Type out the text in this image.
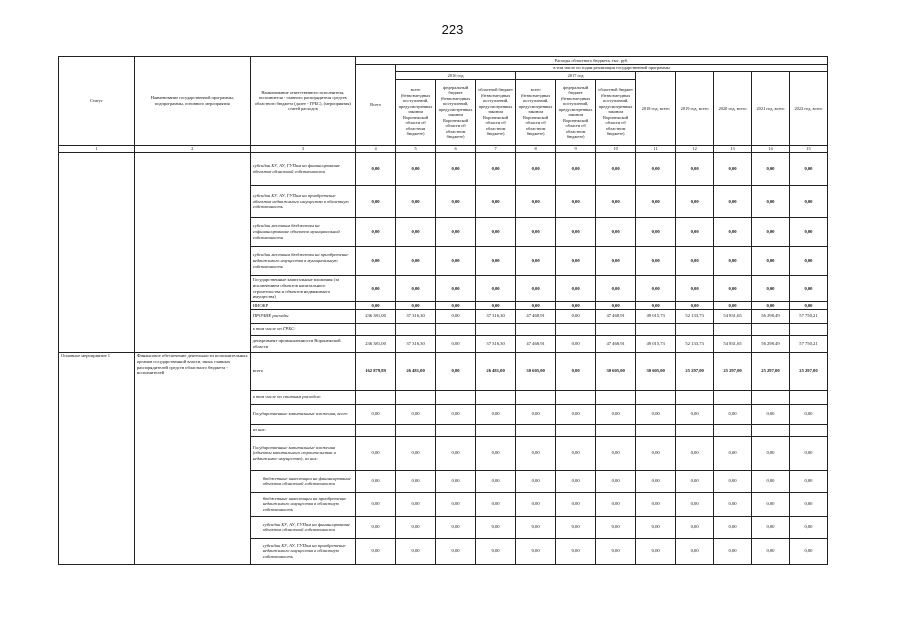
223
Статус	Наименование государственной программы, подпрограммы, основного мероприятия	Наименование ответственного исполнителя, исполнителя - главного распорядителя средств областного бюджета (далее - ГРБС), (мероприятия) статей расходов	Расходы областного бюджета, тыс. руб.											
			Всего	в том числе по годам реализации государственной программы										
				2016 год			2017 год			2018 год, всего	2019 год, всего	2020 год, всего	2021 год, всего	2022 год, всего
				всего (безвозмездных поступлений, предусмотренных законом Воронежской области об областном бюджете)	федеральный бюджет (безвозмездных поступлений, предусмотренных законом Воронежской области об областном бюджете)	областной бюджет (безвозмездных поступлений, предусмотренных законом Воронежской области об областном бюджете)	всего (безвозмездных поступлений, предусмотренных законом Воронежской области об областном бюджете)	федеральный бюджет (безвозмездных поступлений, предусмотренных законом Воронежской области об областном бюджете)	областной бюджет (безвозмездных поступлений, предусмотренных законом Воронежской области об областном бюджете)					
1	2	3	4	5	6	7	8	9	10	11	12	13	14	15
		субсидии БУ, АУ, ГУПам на финансирование объектов областной собственности	0,00	0,00	0,00	0,00	0,00	0,00	0,00	0,00	0,00	0,00	0,00	0,00
		субсидии БУ, АУ, ГУПам на приобретение объектов недвижимого имущества в областную собственность	0,00	0,00	0,00	0,00	0,00	0,00	0,00	0,00	0,00	0,00	0,00	0,00
		субсидии местным бюджетам на софинансирование объектов муниципальной собственности	0,00	0,00	0,00	0,00	0,00	0,00	0,00	0,00	0,00	0,00	0,00	0,00
		субсидии местным бюджетам на приобретение недвижимого имущества в муниципальную собственность	0,00	0,00	0,00	0,00	0,00	0,00	0,00	0,00	0,00	0,00	0,00	0,00
		Государственные капитальные вложения (за исключением объектов капитального строительства и объектов недвижимого имущества)	0,00	0,00	0,00	0,00	0,00	0,00	0,00	0,00	0,00	0,00	0,00	0,00
		НИОКР	0,00	0,00	0,00	0,00	0,00	0,00	0,00	0,00	0,00	0,00	0,00	0,00
		ПРОЧИЕ расходы	236 381,00	37 316,30	0,00	37 316,30	47 468,91	0,00	47 468,91	49 015,73	52 133,73	54 831,65	56 298,49	57 750,21
		в том числе по ГРБС:												
		департамент промышленности Воронежской области	236 381,00	37 316,30	0,00	37 316,30	47 468,91	0,00	47 468,91	49 015,73	52 133,73	54 831,65	56 298,49	57 750,21
Основное мероприятие 1	Финансовое обеспечение деятельности исполнительных органов государственной власти, иных главных распорядителей средств областного бюджета - исполнителей	всего	162 879,89	26 481,00	0,00	26 481,00	30 605,00	0,00	30 605,00	30 605,00	25 297,00	25 297,00	25 297,00	25 297,00
		в том числе по статьям расходов:												
		Государственные капитальные вложения, всего	0,00	0,00	0,00	0,00	0,00	0,00	0,00	0,00	0,00	0,00	0,00	0,00
		из них:												
		Государственные капитальные вложения (объекты капитального строительства и недвижимое имущество), из них:	0,00	0,00	0,00	0,00	0,00	0,00	0,00	0,00	0,00	0,00	0,00	0,00
		бюджетные инвестиции на финансирование объектов областной собственности	0,00	0,00	0,00	0,00	0,00	0,00	0,00	0,00	0,00	0,00	0,00	0,00
		бюджетные инвестиции на приобретение недвижимого имущества в областную собственность	0,00	0,00	0,00	0,00	0,00	0,00	0,00	0,00	0,00	0,00	0,00	0,00
		субсидии БУ, АУ, ГУПам на финансирование объектов областной собственности	0,00	0,00	0,00	0,00	0,00	0,00	0,00	0,00	0,00	0,00	0,00	0,00
		субсидии БУ, АУ, ГУПам на приобретение недвижимого имущества в областную собственность	0,00	0,00	0,00	0,00	0,00	0,00	0,00	0,00	0,00	0,00	0,00	0,00
